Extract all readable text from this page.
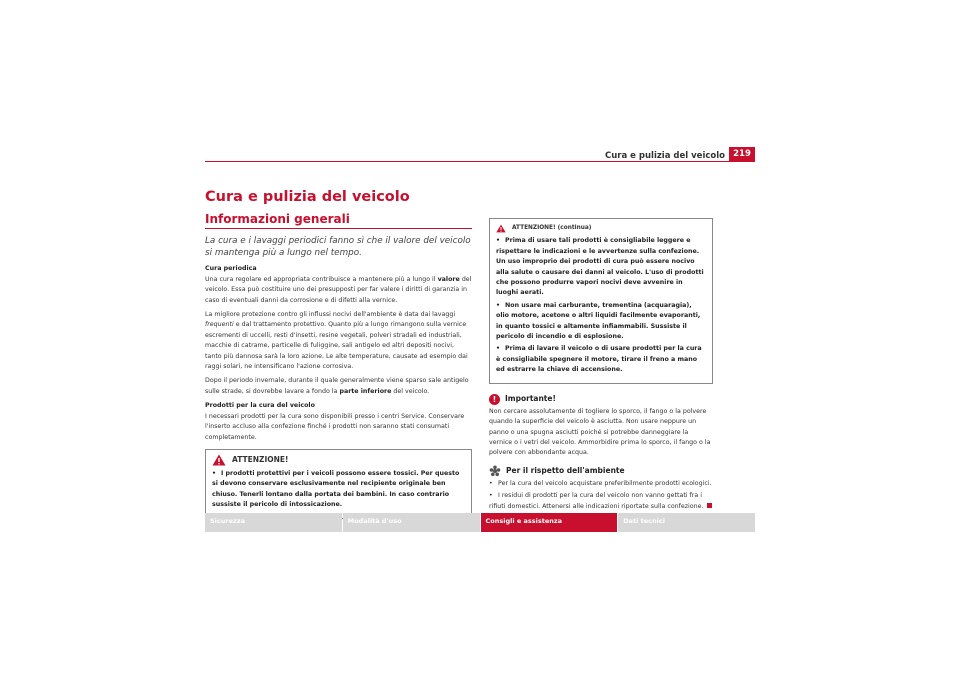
Cura e pulizia del veicolo 219
Cura e pulizia del veicolo
Informazioni generali
La cura e i lavaggi periodici fanno sì che il valore del veicolo si mantenga più a lungo nel tempo.

Cura periodica
Una cura regolare ed appropriata contribuisce a mantenere più a lungo il valore del veicolo. Essa può costituire uno dei presupposti per far valere i diritti di garanzia in caso di eventuali danni da corrosione e di difetti alla vernice.

La migliore protezione contro gli influssi nocivi dell'ambiente è data dai lavaggi frequenti e dal trattamento protettivo. Quanto più a lungo rimangono sulla vernice escrementi di uccelli, resti d'insetti, resine vegetali, polveri stradali ed industriali, macchie di catrame, particelle di fuliggine, sali antigelo ed altri depositi nocivi, tanto più dannosa sarà la loro azione. Le alte temperature, causate ad esempio dai raggi solari, ne intensificano l'azione corrosiva.

Dopo il periodo invernale, durante il quale generalmente viene sparso sale antigelo sulle strade, si dovrebbe lavare a fondo la parte inferiore del veicolo.

Prodotti per la cura del veicolo
I necessari prodotti per la cura sono disponibili presso i centri Service. Conservare l'inserto accluso alla confezione finché i prodotti non saranno stati consumati completamente.

ATTENZIONE!
• I prodotti protettivi per i veicoli possono essere tossici. Per questo si devono conservare esclusivamente nel recipiente originale ben chiuso. Tenerli lontano dalla portata dei bambini. In caso contrario sussiste il pericolo di intossicazione.
ATTENZIONE! (continua)
• Prima di usare tali prodotti è consigliabile leggere e rispettare le indicazioni e le avvertenze sulla confezione. Un uso improprio dei prodotti di cura può essere nocivo alla salute o causare dei danni al veicolo. L'uso di prodotti che possono produrre vapori nocivi deve avvenire in luoghi aerati.
• Non usare mai carburante, trementina (acquaragia), olio motore, acetone o altri liquidi facilmente evaporanti, in quanto tossici e altamente infiammabili. Sussiste il pericolo di incendio e di esplosione.
• Prima di lavare il veicolo o di usare prodotti per la cura è consigliabile spegnere il motore, tirare il freno a mano ed estrarre la chiave di accensione.
!	Importante!

Non cercare assolutamente di togliere lo sporco, il fango o la polvere quando la superficie del veicolo è asciutta. Non usare neppure un panno o una spugna asciutti poiché si potrebbe danneggiare la vernice o i vetri del veicolo. Ammorbidire prima lo sporco, il fango o la polvere con abbondante acqua.

Per il rispetto dell'ambiente
• Per la cura del veicolo acquistare preferibilmente prodotti ecologici.
• I residui di prodotti per la cura del veicolo non vanno gettati fra i rifiuti domestici. Attenersi alle indicazioni riportate sulla confezione.
Sicurezza	Modalità d'uso	Consigli e assistenza	Dati tecnici
